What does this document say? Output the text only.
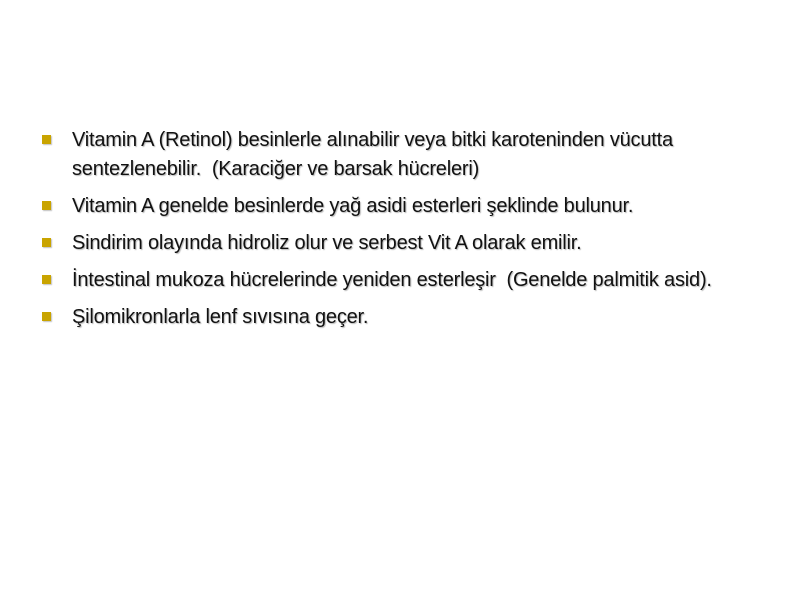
Vitamin A (Retinol) besinlerle alınabilir veya bitki karoteninden vücutta
sentezlenebilir.  (Karaciğer ve barsak hücreleri)
Vitamin A genelde besinlerde yağ asidi esterleri şeklinde bulunur.
Sindirim olayında hidroliz olur ve serbest Vit A olarak emilir.
İntestinal mukoza hücrelerinde yeniden esterleşir  (Genelde palmitik asid).
Şilomikronlarla lenf sıvısına geçer.
